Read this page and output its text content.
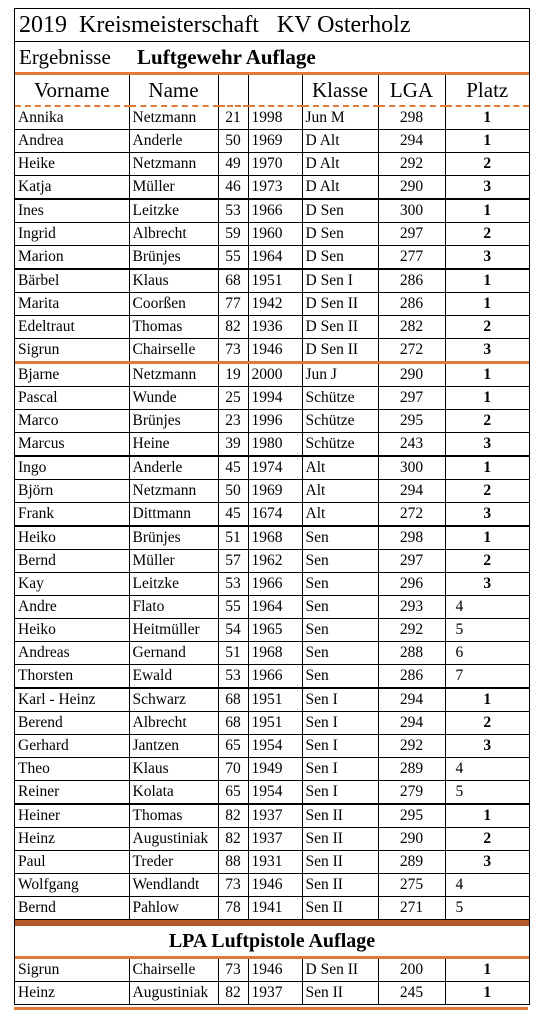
2019  Kreismeisterschaft   KV Osterholz
Ergebnisse     Luftgewehr Auflage
Vorname	Name			Klasse	LGA	Platz
Annika	Netzmann	21	1998	Jun M	298	1
Andrea	Anderle	50	1969	D Alt	294	1
Heike	Netzmann	49	1970	D Alt	292	2
Katja	Müller	46	1973	D Alt	290	3
Ines	Leitzke	53	1966	D Sen	300	1
Ingrid	Albrecht	59	1960	D Sen	297	2
Marion	Brünjes	55	1964	D Sen	277	3
Bärbel	Klaus	68	1951	D Sen I	286	1
Marita	Coorßen	77	1942	D Sen II	286	1
Edeltraut	Thomas	82	1936	D Sen II	282	2
Sigrun	Chairselle	73	1946	D Sen II	272	3
Bjarne	Netzmann	19	2000	Jun J	290	1
Pascal	Wunde	25	1994	Schütze	297	1
Marco	Brünjes	23	1996	Schütze	295	2
Marcus	Heine	39	1980	Schütze	243	3
Ingo	Anderle	45	1974	Alt	300	1
Björn	Netzmann	50	1969	Alt	294	2
Frank	Dittmann	45	1674	Alt	272	3
Heiko	Brünjes	51	1968	Sen	298	1
Bernd	Müller	57	1962	Sen	297	2
Kay	Leitzke	53	1966	Sen	296	3
Andre	Flato	55	1964	Sen	293	4
Heiko	Heitmüller	54	1965	Sen	292	5
Andreas	Gernand	51	1968	Sen	288	6
Thorsten	Ewald	53	1966	Sen	286	7
Karl - Heinz	Schwarz	68	1951	Sen I	294	1
Berend	Albrecht	68	1951	Sen I	294	2
Gerhard	Jantzen	65	1954	Sen I	292	3
Theo	Klaus	70	1949	Sen I	289	4
Reiner	Kolata	65	1954	Sen I	279	5
Heiner	Thomas	82	1937	Sen II	295	1
Heinz	Augustiniak	82	1937	Sen II	290	2
Paul	Treder	88	1931	Sen II	289	3
Wolfgang	Wendlandt	73	1946	Sen II	275	4
Bernd	Pahlow	78	1941	Sen II	271	5
LPA Luftpistole Auflage
Sigrun	Chairselle	73	1946	D Sen II	200	1
Heinz	Augustiniak	82	1937	Sen II	245	1
